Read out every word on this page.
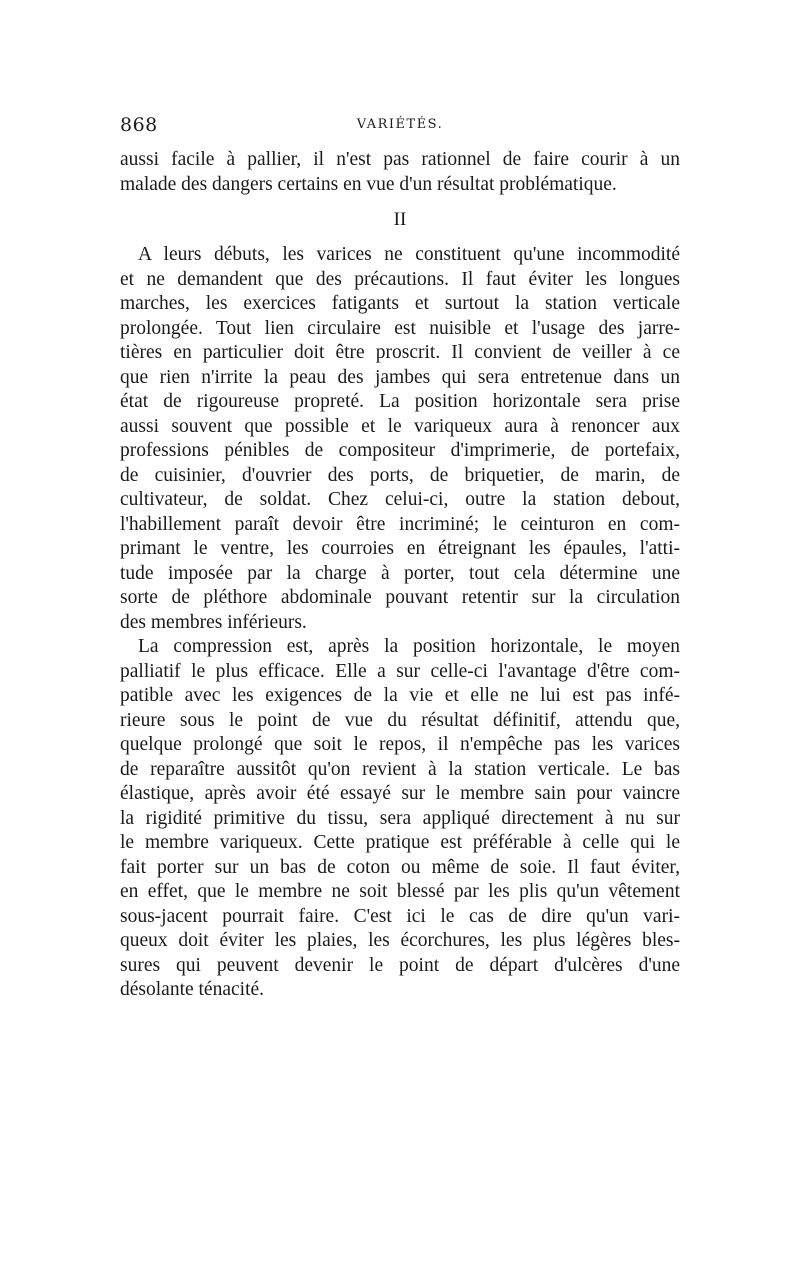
868	VARIÉTÉS.
aussi facile à pallier, il n'est pas rationnel de faire courir à un
malade des dangers certains en vue d'un résultat problématique.
II
A leurs débuts, les varices ne constituent qu'une incommodité
et ne demandent que des précautions. Il faut éviter les longues
marches, les exercices fatigants et surtout la station verticale
prolongée. Tout lien circulaire est nuisible et l'usage des jarre-
tières en particulier doit être proscrit. Il convient de veiller à ce
que rien n'irrite la peau des jambes qui sera entretenue dans un
état de rigoureuse propreté. La position horizontale sera prise
aussi souvent que possible et le variqueux aura à renoncer aux
professions pénibles de compositeur d'imprimerie, de portefaix,
de cuisinier, d'ouvrier des ports, de briquetier, de marin, de
cultivateur, de soldat. Chez celui-ci, outre la station debout,
l'habillement paraît devoir être incriminé; le ceinturon en com-
primant le ventre, les courroies en étreignant les épaules, l'atti-
tude imposée par la charge à porter, tout cela détermine une
sorte de pléthore abdominale pouvant retentir sur la circulation
des membres inférieurs.
La compression est, après la position horizontale, le moyen
palliatif le plus efficace. Elle a sur celle-ci l'avantage d'être com-
patible avec les exigences de la vie et elle ne lui est pas infé-
rieure sous le point de vue du résultat définitif, attendu que,
quelque prolongé que soit le repos, il n'empêche pas les varices
de reparaître aussitôt qu'on revient à la station verticale. Le bas
élastique, après avoir été essayé sur le membre sain pour vaincre
la rigidité primitive du tissu, sera appliqué directement à nu sur
le membre variqueux. Cette pratique est préférable à celle qui le
fait porter sur un bas de coton ou même de soie. Il faut éviter,
en effet, que le membre ne soit blessé par les plis qu'un vêtement
sous-jacent pourrait faire. C'est ici le cas de dire qu'un vari-
queux doit éviter les plaies, les écorchures, les plus légères bles-
sures qui peuvent devenir le point de départ d'ulcères d'une
désolante ténacité.
